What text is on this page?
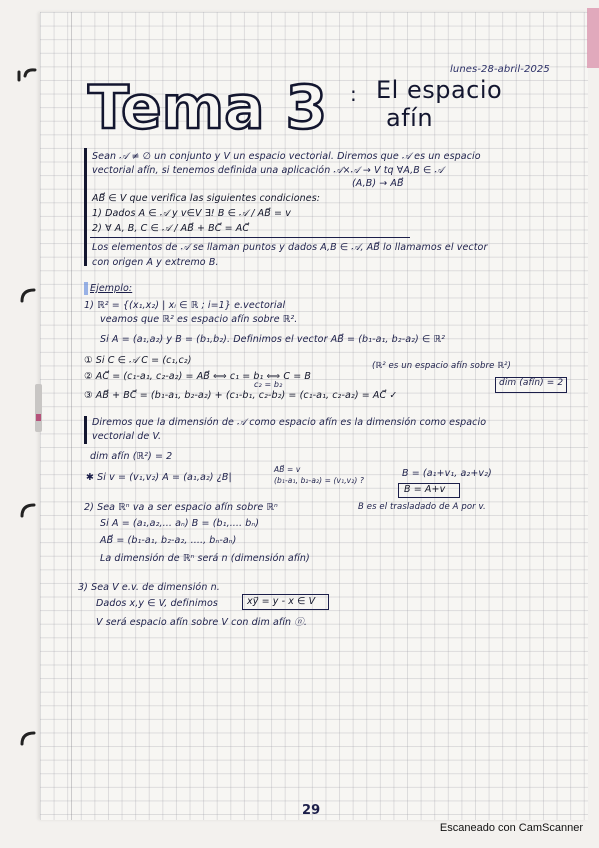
lunes-28-abril-2025
Tema 3 : El espacio
afín
Sean 𝒜 ≠ ∅ un conjunto y V un espacio vectorial. Diremos que 𝒜 es un espacio
vectorial afín, si tenemos definida una aplicación 𝒜×𝒜 → V tq ∀A,B ∈ 𝒜
(A,B) → AB⃗
AB⃗ ∈ V que verifica las siguientes condiciones:
1) Dados A ∈ 𝒜 y v∈V ∃! B ∈ 𝒜 / AB⃗ = v
2) ∀ A, B, C ∈ 𝒜 / AB⃗ + BC⃗ = AC⃗
Los elementos de 𝒜 se llaman puntos y dados A,B ∈ 𝒜, AB⃗ lo llamamos el vector
con origen A y extremo B.
Ejemplo:
1) ℝ² = {(x₁,x₂) | xᵢ ∈ ℝ ; i=1} e.vectorial
veamos que ℝ² es espacio afín sobre ℝ².
Si A = (a₁,a₂) y B = (b₁,b₂). Definimos el vector AB⃗ = (b₁-a₁, b₂-a₂) ∈ ℝ²
① Si C ∈ 𝒜 C = (c₁,c₂)
② AC⃗ = (c₁-a₁, c₂-a₂) = AB⃗ ⟺ c₁ = b₁ ⟺ C = B
c₂ = b₂
③ AB⃗ + BC⃗ = (b₁-a₁, b₂-a₂) + (c₁-b₁, c₂-b₂) = (c₁-a₁, c₂-a₂) = AC⃗ ✓
(ℝ² es un espacio afín sobre ℝ²)
dim (afín) = 2
Diremos que la dimensión de 𝒜 como espacio afín es la dimensión como espacio
vectorial de V.
dim afín (ℝ²) = 2
✱ Si v = (v₁,v₂) A = (a₁,a₂) ¿B|
AB⃗ = v
(b₁-a₁, b₂-a₂) = (v₁,v₂) ?
B = (a₁+v₁, a₂+v₂)
B = A+v
2) Sea ℝⁿ va a ser espacio afín sobre ℝⁿ	B es el trasladado de A por v.
Si A = (a₁,a₂,... aₙ) B = (b₁,.... bₙ)
AB⃗ = (b₁-a₁, b₂-a₂, ...., bₙ-aₙ)
La dimensión de ℝⁿ será n (dimensión afín)
3) Sea V e.v. de dimensión n.
Dados x,y ∈ V, definimos	xy⃗ = y - x ∈ V
V será espacio afín sobre V con dim afín ⓝ.
29
Escaneado con CamScanner
